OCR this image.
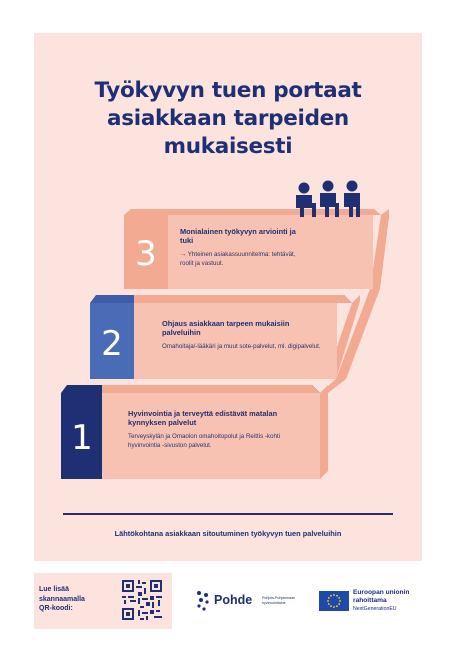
Työkyvyn tuen portaat
asiakkaan tarpeiden
mukaisesti
3
2
1
Monialainen työkyvyn arviointi ja tuki
→ Yhteinen asiakassuunnitelma: tehtävät, roolit ja vastuut.
Ohjaus asiakkaan tarpeen mukaisiin palveluihin
Omahoitaja/-lääkäri ja muut sote-palvelut, ml. digipalvelut.
Hyvinvointia ja terveyttä edistävät matalan kynnyksen palvelut
Terveyskylän ja Omaolon omahoitopolut ja Reittis -kohti hyvinvointia -sivuston palvelut.
Lähtökohtana asiakkaan sitoutuminen työkyvyn tuen palveluihin
Lue lisää skannaamalla QR-koodi:
Pohde	Pohjois-Pohjanmaan hyvinvointialue
Euroopan unionin
rahoittama
NextGenerationEU
